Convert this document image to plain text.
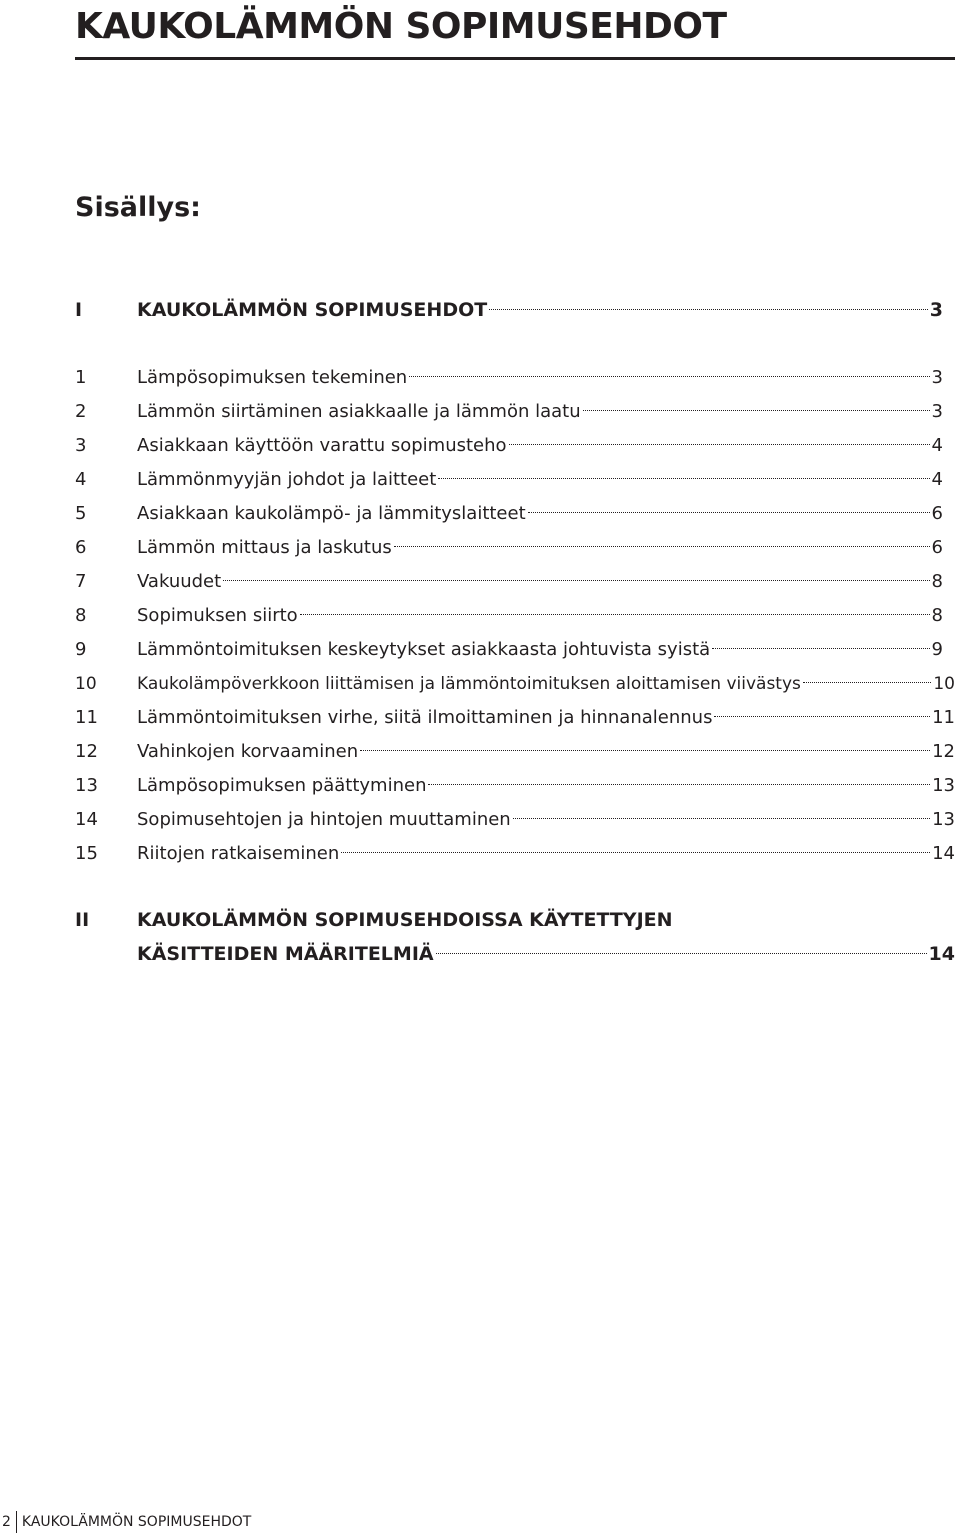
KAUKOLÄMMÖN SOPIMUSEHDOT
Sisällys:
I	KAUKOLÄMMÖN SOPIMUSEHDOT	3
1	Lämpösopimuksen tekeminen	3
2	Lämmön siirtäminen asiakkaalle ja lämmön laatu	3
3	Asiakkaan käyttöön varattu sopimusteho	4
4	Lämmönmyyjän johdot ja laitteet	4
5	Asiakkaan kaukolämpö- ja lämmityslaitteet	6
6	Lämmön mittaus ja laskutus	6
7	Vakuudet	8
8	Sopimuksen siirto	8
9	Lämmöntoimituksen keskeytykset asiakkaasta johtuvista syistä	9
10	Kaukolämpöverkkoon liittämisen ja lämmöntoimituksen aloittamisen viivästys	10
11	Lämmöntoimituksen virhe, siitä ilmoittaminen ja hinnanalennus	11
12	Vahinkojen korvaaminen	12
13	Lämpösopimuksen päättyminen	13
14	Sopimusehtojen ja hintojen muuttaminen	13
15	Riitojen ratkaiseminen	14
II	KAUKOLÄMMÖN SOPIMUSEHDOISSA KÄYTETTYJEN
KÄSITTEIDEN MÄÄRITELMIÄ	14
2 KAUKOLÄMMÖN SOPIMUSEHDOT
